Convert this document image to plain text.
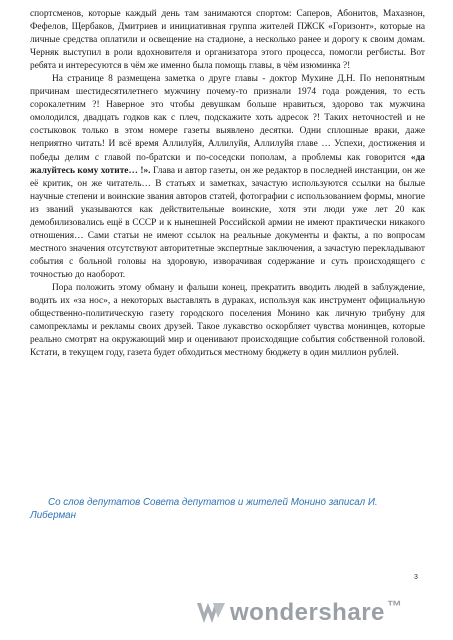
спортсменов, которые каждый день там занимаются спортом: Саперов, Абонитов, Махазнон, Фефелов, Щербаков, Дмитриев и инициативная группа жителей ПЖСК «Горизонт», которые на личные средства оплатили и освещение на стадионе, а несколько ранее и дорогу к своим домам. Черняк выступил в роли вдохновителя и организатора этого процесса, помогли регбисты. Вот ребята и интересуются в чём же именно была помощь главы, в чём изюминка ?!

На странице 8 размещена заметка о друге главы - доктор Мухине Д.Н. По непонятным причинам шестидесятилетнего мужчину почему-то признали 1974 года рождения, то есть сорокалетним ?! Наверное это чтобы девушкам больше нравиться, здорово так мужчина омолодился, двадцать годков как с плеч, подскажите хоть адресок ?! Таких неточностей и не состыковок только в этом номере газеты выявлено десятки. Одни сплошные враки, даже неприятно читать! И всё время Аллилуйя, Аллилуйя, Аллилуйя главе … Успехи, достижения и победы делим с главой по-братски и по-соседски пополам, а проблемы как говорится «да жалуйтесь кому хотите… !». Глава и автор газеты, он же редактор в последней инстанции, он же её критик, он же читатель… В статьях и заметках, зачастую используются ссылки на былые научные степени и воинские звания авторов статей, фотографии с использованием формы, многие из званий указываются как действительные воинские, хотя эти люди уже лет 20 как демобилизовались ещё в СССР и к нынешней Российской армии не имеют практически никакого отношения… Сами статьи не имеют ссылок на реальные документы и факты, а по вопросам местного значения отсутствуют авторитетные экспертные заключения, а зачастую перекладывают события с больной головы на здоровую, изворачивая содержание и суть происходящего с точностью до наоборот.

Пора положить этому обману и фальши конец, прекратить вводить людей в заблуждение, водить их «за нос», а некоторых выставлять в дураках, используя как инструмент официальную общественно-политическую газету городского поселения Монино как личную трибуну для самопрекламы и рекламы своих друзей. Такое лукавство оскорбляет чувства монинцев, которые реально смотрят на окружающий мир и оценивают происходящие события собственной головой. Кстати, в текущем году, газета будет обходиться местному бюджету в один миллион рублей.

Со слов депутатов Совета депутатов и жителей Монино записал И. Либерман

3
wondershare ™
